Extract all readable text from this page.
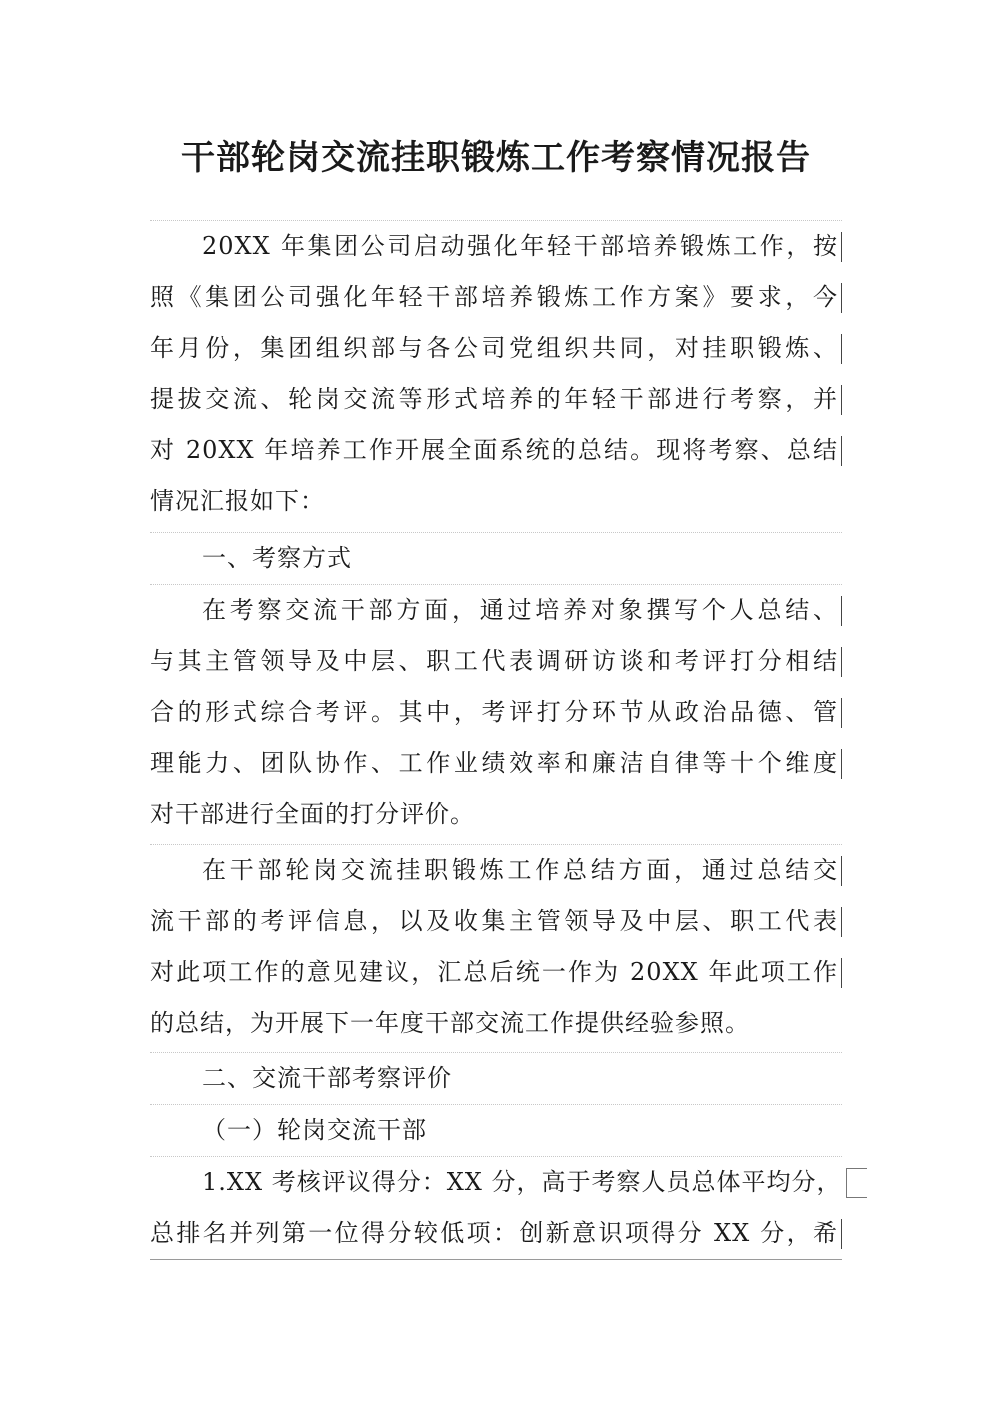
干部轮岗交流挂职锻炼工作考察情况报告
20XX 年集团公司启动强化年轻干部培养锻炼工作，按
照《集团公司强化年轻干部培养锻炼工作方案》要求，今
年月份，集团组织部与各公司党组织共同，对挂职锻炼、
提拔交流、轮岗交流等形式培养的年轻干部进行考察，并
对 20XX 年培养工作开展全面系统的总结。现将考察、总结
情况汇报如下：
一、考察方式
在考察交流干部方面，通过培养对象撰写个人总结、
与其主管领导及中层、职工代表调研访谈和考评打分相结
合的形式综合考评。其中，考评打分环节从政治品德、管
理能力、团队协作、工作业绩效率和廉洁自律等十个维度
对干部进行全面的打分评价。
在干部轮岗交流挂职锻炼工作总结方面，通过总结交
流干部的考评信息，以及收集主管领导及中层、职工代表
对此项工作的意见建议，汇总后统一作为 20XX 年此项工作
的总结，为开展下一年度干部交流工作提供经验参照。
二、交流干部考察评价
（一）轮岗交流干部
1.XX 考核评议得分：XX 分，高于考察人员总体平均分，
总排名并列第一位得分较低项：创新意识项得分 XX 分，希
